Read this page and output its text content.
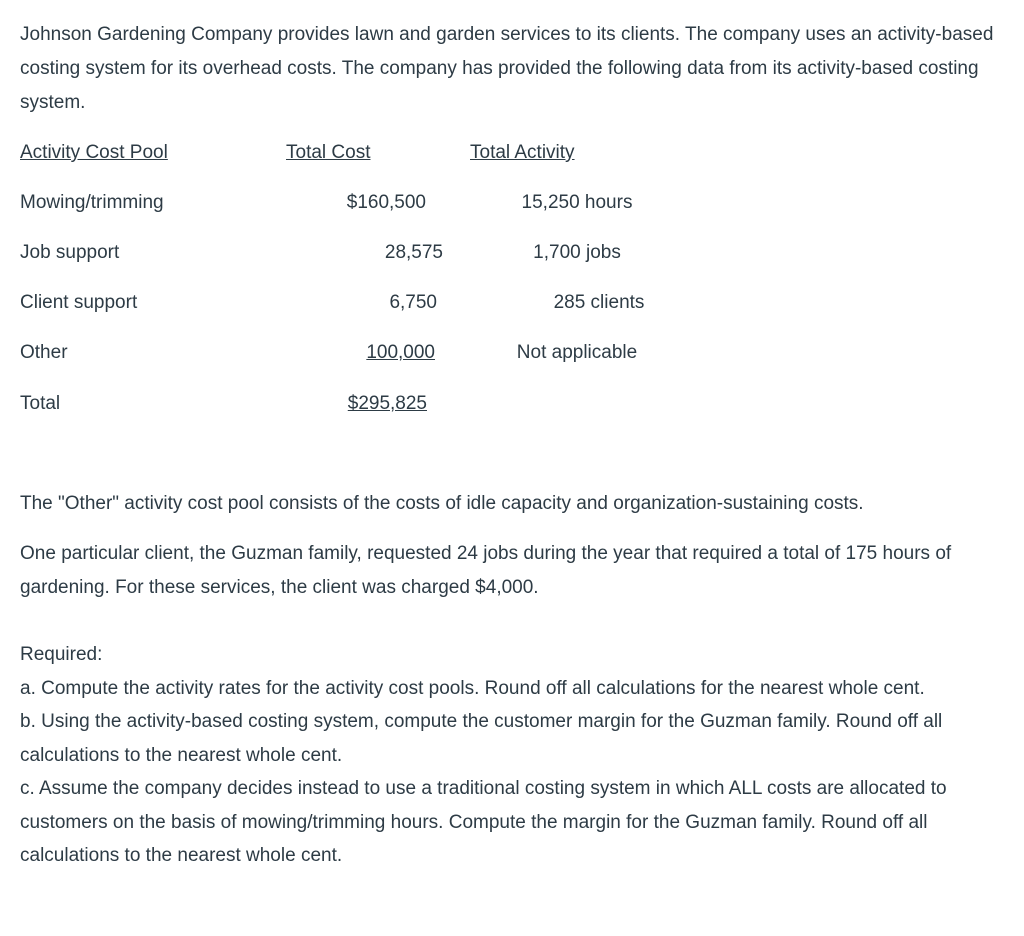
Johnson Gardening Company provides lawn and garden services to its clients. The company uses an activity-based costing system for its overhead costs. The company has provided the following data from its activity-based costing system.

Activity Cost Pool	Total Cost	Total Activity
Mowing/trimming	$160,500	15,250 hours
Job support	28,575	1,700 jobs
Client support	6,750	285 clients
Other	100,000	Not applicable
Total	$295,825

The "Other" activity cost pool consists of the costs of idle capacity and organization-sustaining costs.

One particular client, the Guzman family, requested 24 jobs during the year that required a total of 175 hours of gardening. For these services, the client was charged $4,000.

Required:
a. Compute the activity rates for the activity cost pools. Round off all calculations for the nearest whole cent.
b. Using the activity-based costing system, compute the customer margin for the Guzman family. Round off all calculations to the nearest whole cent.
c. Assume the company decides instead to use a traditional costing system in which ALL costs are allocated to customers on the basis of mowing/trimming hours. Compute the margin for the Guzman family. Round off all calculations to the nearest whole cent.
